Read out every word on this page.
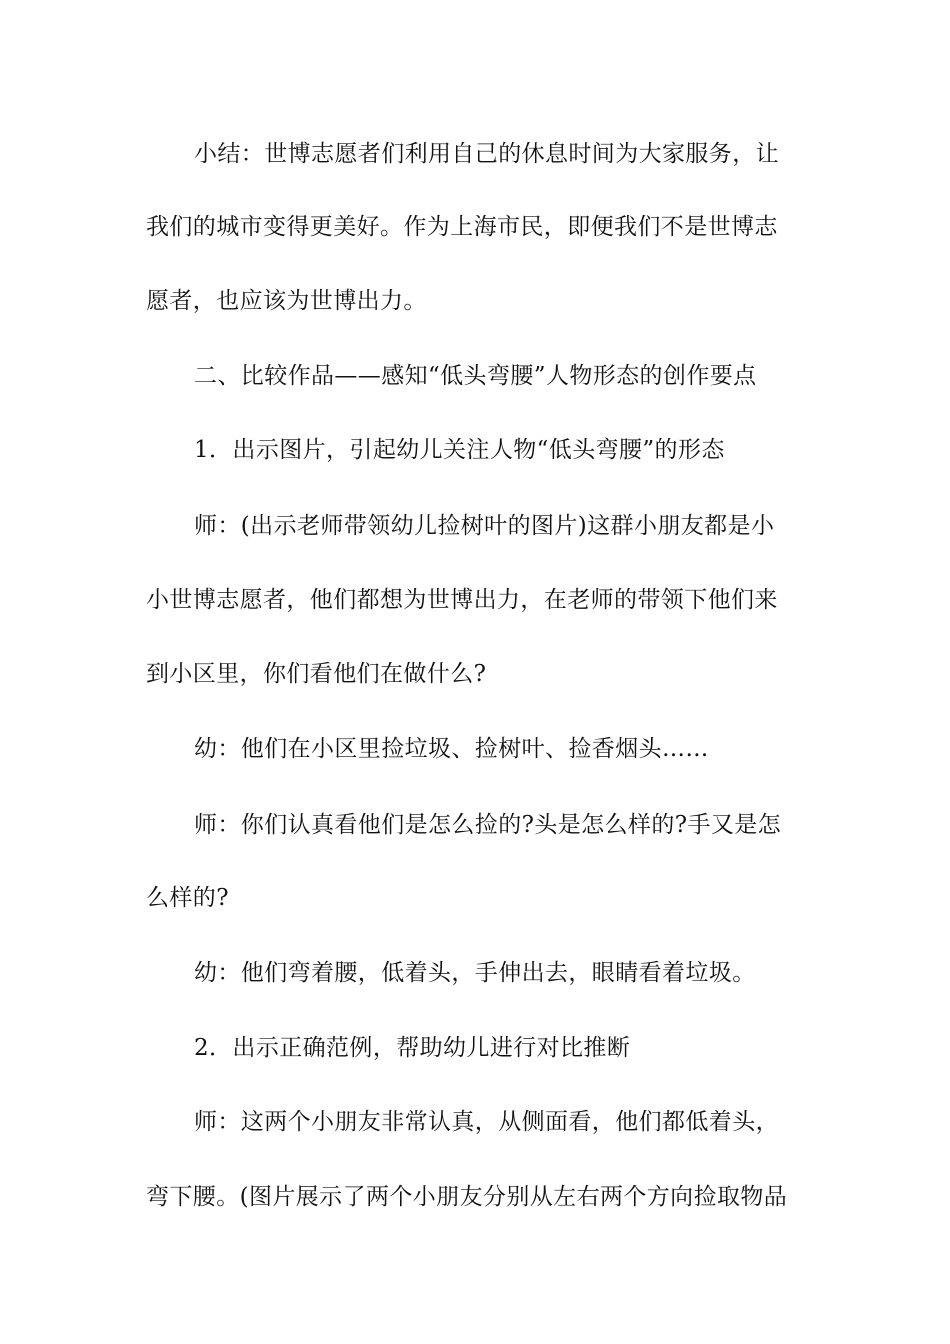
小结：世博志愿者们利用自己的休息时间为大家服务，让
我们的城市变得更美好。作为上海市民，即便我们不是世博志
愿者，也应该为世博出力。
二、比较作品——感知“低头弯腰”人物形态的创作要点
1．出示图片，引起幼儿关注人物“低头弯腰”的形态
师：(出示老师带领幼儿捡树叶的图片)这群小朋友都是小
小世博志愿者，他们都想为世博出力，在老师的带领下他们来
到小区里，你们看他们在做什么?
幼：他们在小区里捡垃圾、捡树叶、捡香烟头……
师：你们认真看他们是怎么捡的?头是怎么样的?手又是怎
么样的?
幼：他们弯着腰，低着头，手伸出去，眼睛看着垃圾。
2．出示正确范例，帮助幼儿进行对比推断
师：这两个小朋友非常认真，从侧面看，他们都低着头，
弯下腰。(图片展示了两个小朋友分别从左右两个方向捡取物品
